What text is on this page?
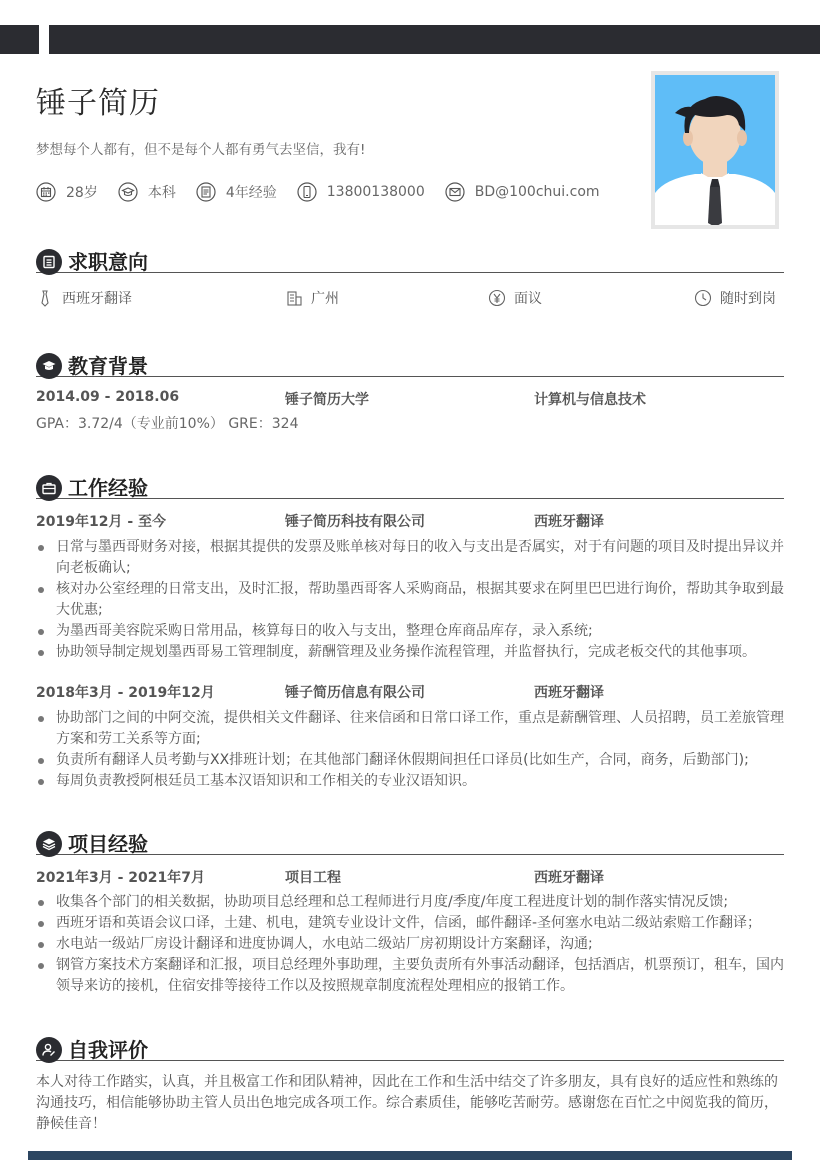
锤子简历
梦想每个人都有，但不是每个人都有勇气去坚信，我有!
28岁	本科	4年经验	13800138000	BD@100chui.com
求职意向
西班牙翻译	广州	面议	随时到岗
教育背景
2014.09 - 2018.06	锤子简历大学	计算机与信息技术
GPA：3.72/4（专业前10%） GRE：324
工作经验
2019年12月 - 至今	锤子简历科技有限公司	西班牙翻译
日常与墨西哥财务对接，根据其提供的发票及账单核对每日的收入与支出是否属实，对于有问题的项目及时提出异议并向老板确认;
核对办公室经理的日常支出，及时汇报，帮助墨西哥客人采购商品，根据其要求在阿里巴巴进行询价，帮助其争取到最大优惠;
为墨西哥美容院采购日常用品，核算每日的收入与支出，整理仓库商品库存，录入系统;
协助领导制定规划墨西哥易工管理制度，薪酬管理及业务操作流程管理，并监督执行，完成老板交代的其他事项。
2018年3月 - 2019年12月	锤子简历信息有限公司	西班牙翻译
协助部门之间的中阿交流，提供相关文件翻译、往来信函和日常口译工作，重点是薪酬管理、人员招聘，员工差旅管理方案和劳工关系等方面;
负责所有翻译人员考勤与XX排班计划；在其他部门翻译休假期间担任口译员(比如生产，合同，商务，后勤部门);
每周负责教授阿根廷员工基本汉语知识和工作相关的专业汉语知识。
项目经验
2021年3月 - 2021年7月	项目工程	西班牙翻译
收集各个部门的相关数据，协助项目总经理和总工程师进行月度/季度/年度工程进度计划的制作落实情况反馈;
西班牙语和英语会议口译，土建、机电，建筑专业设计文件，信函，邮件翻译-圣何塞水电站二级站索赔工作翻译；
水电站一级站厂房设计翻译和进度协调人，水电站二级站厂房初期设计方案翻译，沟通;
钢管方案技术方案翻译和汇报，项目总经理外事助理，主要负责所有外事活动翻译，包括酒店，机票预订，租车，国内领导来访的接机，住宿安排等接待工作以及按照规章制度流程处理相应的报销工作。
自我评价
本人对待工作踏实，认真，并且极富工作和团队精神，因此在工作和生活中结交了许多朋友，具有良好的适应性和熟练的沟通技巧，相信能够协助主管人员出色地完成各项工作。综合素质佳，能够吃苦耐劳。感谢您在百忙之中阅览我的简历，静候佳音！
